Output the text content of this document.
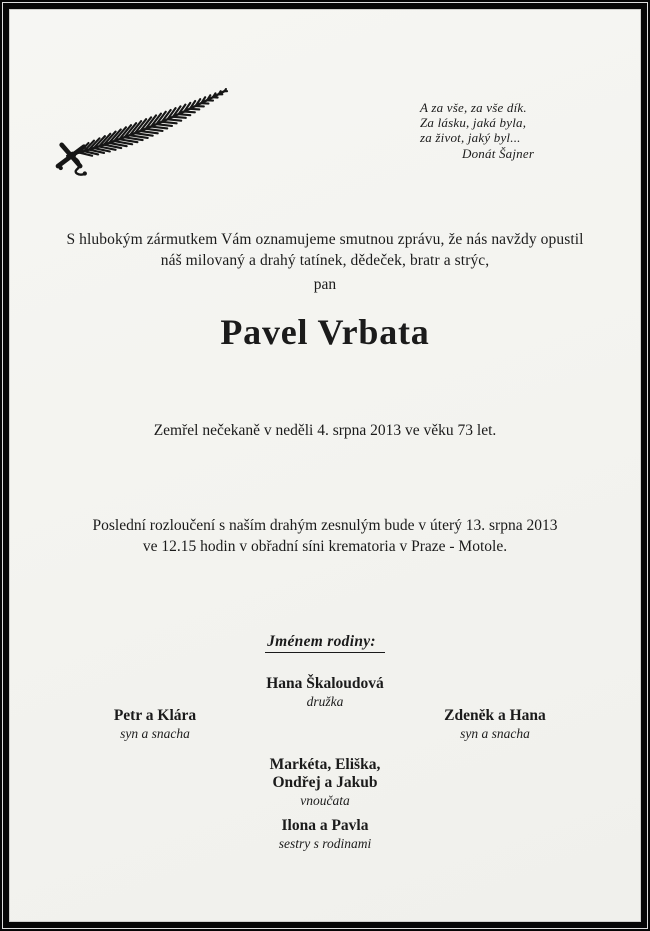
A za vše, za vše dík.
Za lásku, jaká byla,
za život, jaký byl...
Donát Šajner
S hlubokým zármutkem Vám oznamujeme smutnou zprávu, že nás navždy opustil
náš milovaný a drahý tatínek, dědeček, bratr a strýc,
pan
Pavel Vrbata
Zemřel nečekaně v neděli 4. srpna 2013 ve věku 73 let.
Poslední rozloučení s naším drahým zesnulým bude v úterý 13. srpna 2013
ve 12.15 hodin v obřadní síni krematoria v Praze - Motole.
Jménem rodiny:
Hana Škaloudová
družka
Petr a Klára
syn a snacha
Zdeněk a Hana
syn a snacha
Markéta, Eliška,
Ondřej a Jakub
vnoučata
Ilona a Pavla
sestry s rodinami
